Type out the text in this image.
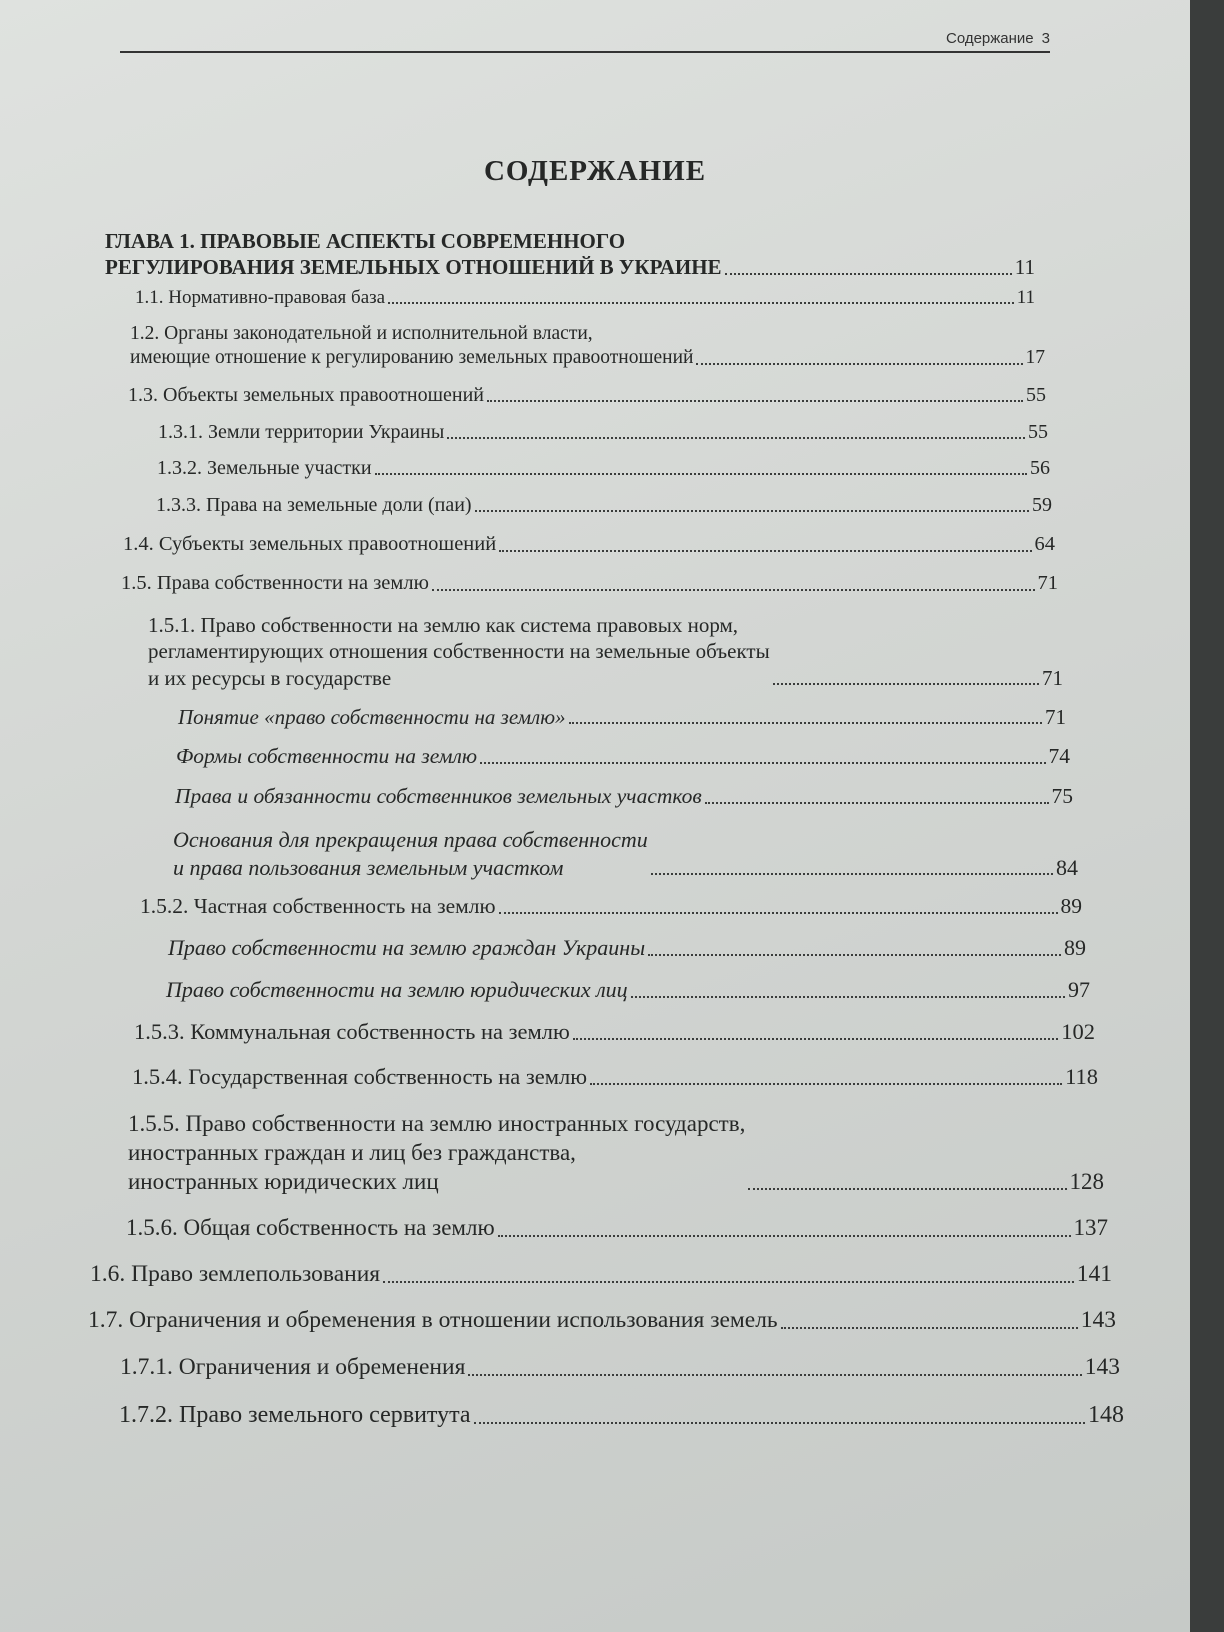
Содержание 3
СОДЕРЖАНИЕ
ГЛАВА 1. ПРАВОВЫЕ АСПЕКТЫ СОВРЕМЕННОГО
РЕГУЛИРОВАНИЯ ЗЕМЕЛЬНЫХ ОТНОШЕНИЙ В УКРАИНЕ	11
1.1. Нормативно-правовая база	11
1.2. Органы законодательной и исполнительной власти,
имеющие отношение к регулированию земельных правоотношений	17
1.3. Объекты земельных правоотношений	55
1.3.1. Земли территории Украины	55
1.3.2. Земельные участки	56
1.3.3. Права на земельные доли (паи)	59
1.4. Субъекты земельных правоотношений	64
1.5. Права собственности на землю	71
1.5.1. Право собственности на землю как система правовых норм,
регламентирующих отношения собственности на земельные объекты
и их ресурсы в государстве	71
Понятие «право собственности на землю»	71
Формы собственности на землю	74
Права и обязанности собственников земельных участков	75
Основания для прекращения права собственности
и права пользования земельным участком	84
1.5.2. Частная собственность на землю	89
Право собственности на землю граждан Украины	89
Право собственности на землю юридических лиц	97
1.5.3. Коммунальная собственность на землю	102
1.5.4. Государственная собственность на землю	118
1.5.5. Право собственности на землю иностранных государств,
иностранных граждан и лиц без гражданства,
иностранных юридических лиц	128
1.5.6. Общая собственность на землю	137
1.6. Право землепользования	141
1.7. Ограничения и обременения в отношении использования земель	143
1.7.1. Ограничения и обременения	143
1.7.2. Право земельного сервитута	148
